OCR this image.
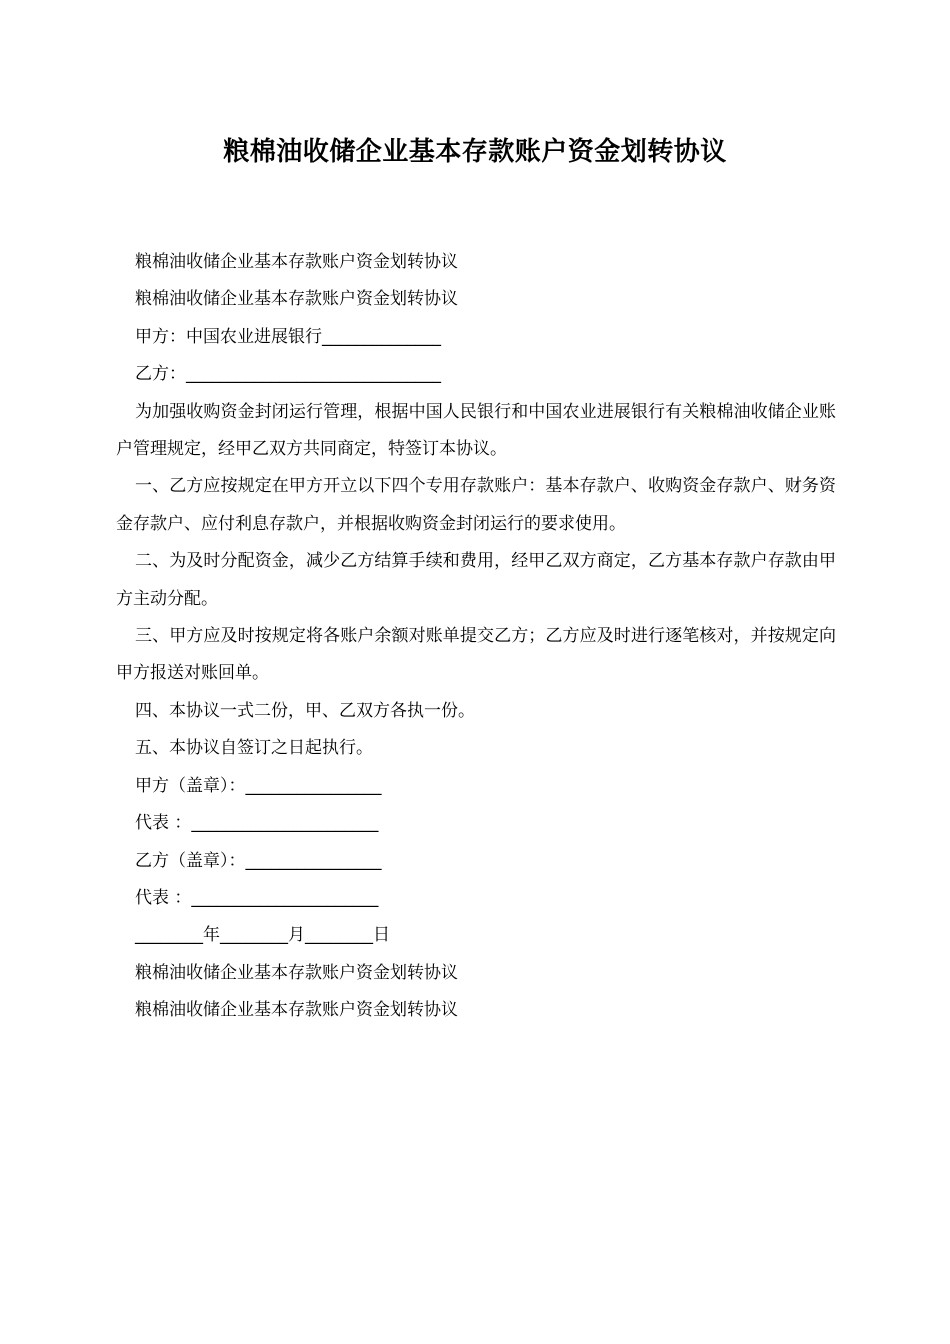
粮棉油收储企业基本存款账户资金划转协议

粮棉油收储企业基本存款账户资金划转协议

粮棉油收储企业基本存款账户资金划转协议

甲方：中国农业进展银行______________

乙方：______________________________

为加强收购资金封闭运行管理，根据中国人民银行和中国农业进展银行有关粮棉油收储企业账户管理规定，经甲乙双方共同商定，特签订本协议。

一、乙方应按规定在甲方开立以下四个专用存款账户：基本存款户、收购资金存款户、财务资金存款户、应付利息存款户，并根据收购资金封闭运行的要求使用。

二、为及时分配资金，减少乙方结算手续和费用，经甲乙双方商定，乙方基本存款户存款由甲方主动分配。

三、甲方应及时按规定将各账户余额对账单提交乙方；乙方应及时进行逐笔核对，并按规定向甲方报送对账回单。

四、本协议一式二份，甲、乙双方各执一份。

五、本协议自签订之日起执行。

甲方（盖章）：________________

代表 ：______________________

乙方（盖章）：________________

代表 ：______________________

________年________月________日

粮棉油收储企业基本存款账户资金划转协议

粮棉油收储企业基本存款账户资金划转协议
